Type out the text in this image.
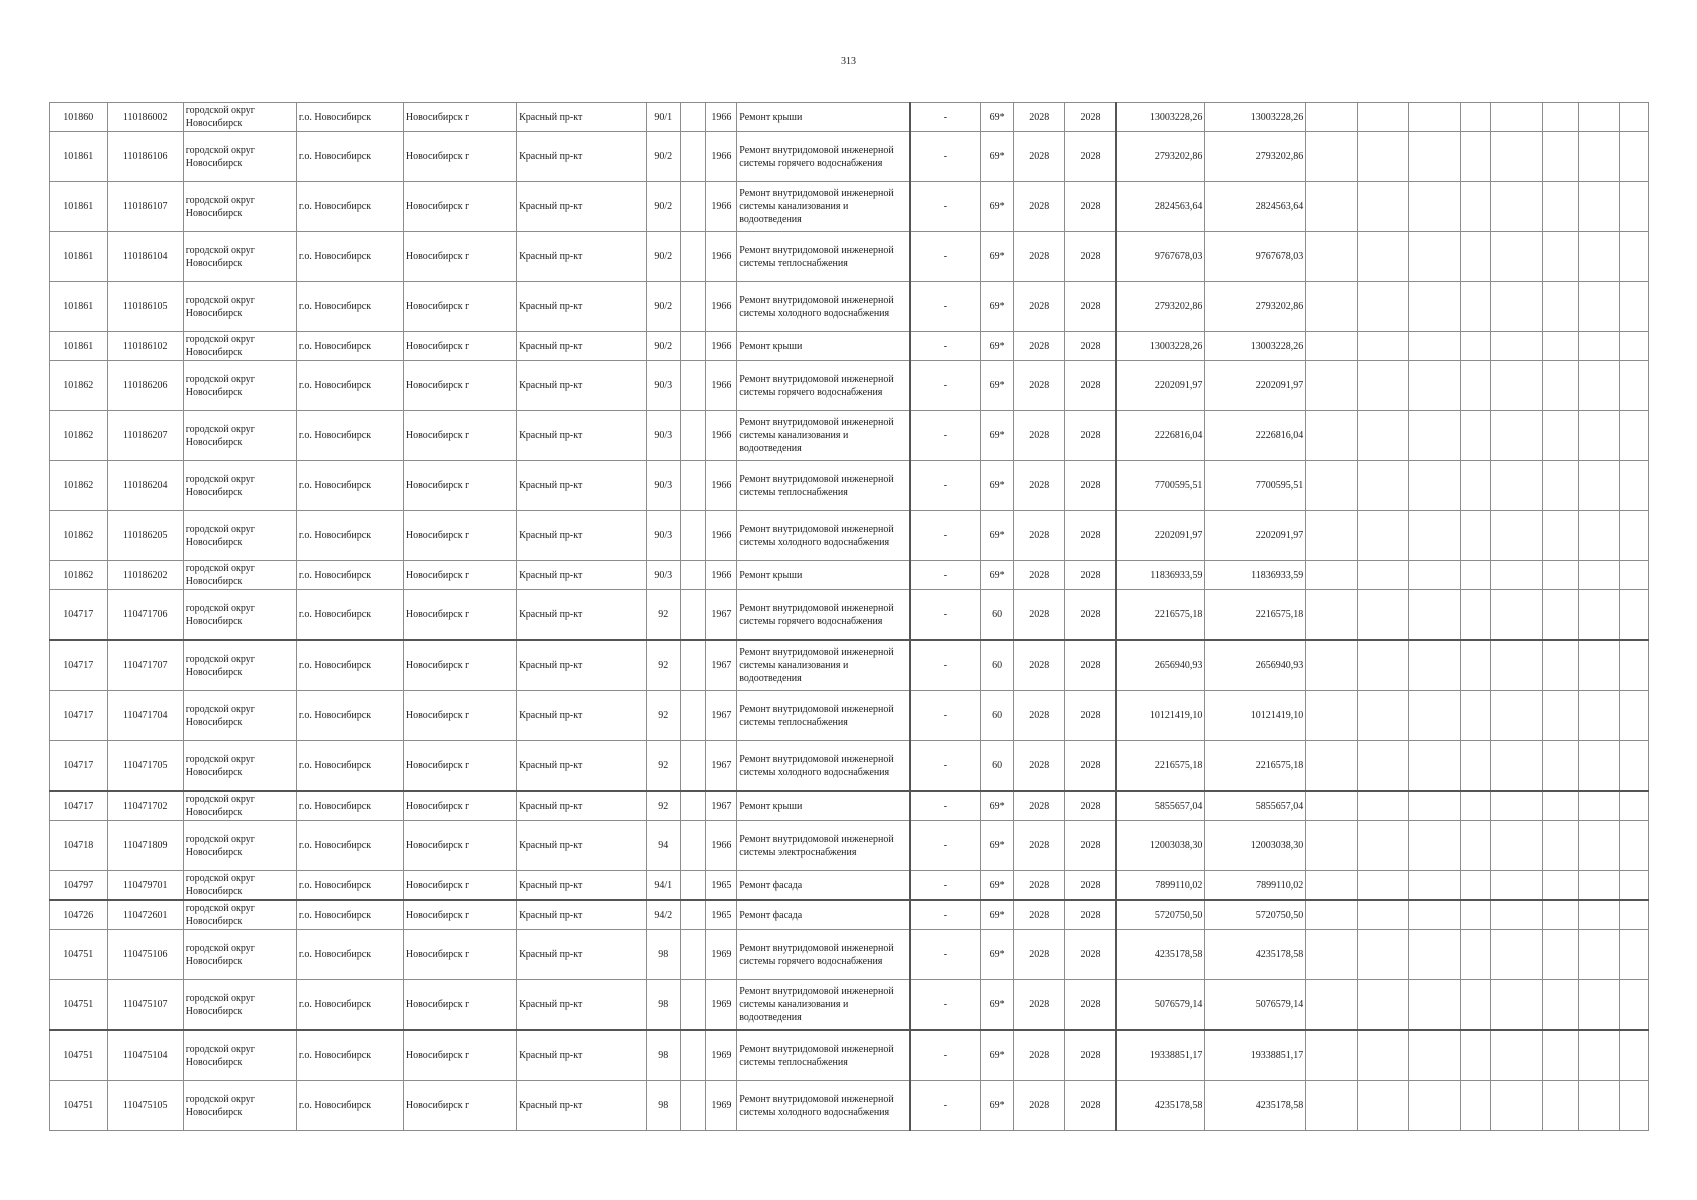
313
101860	110186002	городской округ Новосибирск	г.о. Новосибирск	Новосибирск г	Красный пр-кт	90/1		1966	Ремонт крыши	-	69*	2028	2028	13003228,26	13003228,26								
101861	110186106	городской округ Новосибирск	г.о. Новосибирск	Новосибирск г	Красный пр-кт	90/2		1966	Ремонт внутридомовой инженерной системы горячего водоснабжения	-	69*	2028	2028	2793202,86	2793202,86								
101861	110186107	городской округ Новосибирск	г.о. Новосибирск	Новосибирск г	Красный пр-кт	90/2		1966	Ремонт внутридомовой инженерной системы канализования и водоотведения	-	69*	2028	2028	2824563,64	2824563,64								
101861	110186104	городской округ Новосибирск	г.о. Новосибирск	Новосибирск г	Красный пр-кт	90/2		1966	Ремонт внутридомовой инженерной системы теплоснабжения	-	69*	2028	2028	9767678,03	9767678,03								
101861	110186105	городской округ Новосибирск	г.о. Новосибирск	Новосибирск г	Красный пр-кт	90/2		1966	Ремонт внутридомовой инженерной системы холодного водоснабжения	-	69*	2028	2028	2793202,86	2793202,86								
101861	110186102	городской округ Новосибирск	г.о. Новосибирск	Новосибирск г	Красный пр-кт	90/2		1966	Ремонт крыши	-	69*	2028	2028	13003228,26	13003228,26								
101862	110186206	городской округ Новосибирск	г.о. Новосибирск	Новосибирск г	Красный пр-кт	90/3		1966	Ремонт внутридомовой инженерной системы горячего водоснабжения	-	69*	2028	2028	2202091,97	2202091,97								
101862	110186207	городской округ Новосибирск	г.о. Новосибирск	Новосибирск г	Красный пр-кт	90/3		1966	Ремонт внутридомовой инженерной системы канализования и водоотведения	-	69*	2028	2028	2226816,04	2226816,04								
101862	110186204	городской округ Новосибирск	г.о. Новосибирск	Новосибирск г	Красный пр-кт	90/3		1966	Ремонт внутридомовой инженерной системы теплоснабжения	-	69*	2028	2028	7700595,51	7700595,51								
101862	110186205	городской округ Новосибирск	г.о. Новосибирск	Новосибирск г	Красный пр-кт	90/3		1966	Ремонт внутридомовой инженерной системы холодного водоснабжения	-	69*	2028	2028	2202091,97	2202091,97								
101862	110186202	городской округ Новосибирск	г.о. Новосибирск	Новосибирск г	Красный пр-кт	90/3		1966	Ремонт крыши	-	69*	2028	2028	11836933,59	11836933,59								
104717	110471706	городской округ Новосибирск	г.о. Новосибирск	Новосибирск г	Красный пр-кт	92		1967	Ремонт внутридомовой инженерной системы горячего водоснабжения	-	60	2028	2028	2216575,18	2216575,18								
104717	110471707	городской округ Новосибирск	г.о. Новосибирск	Новосибирск г	Красный пр-кт	92		1967	Ремонт внутридомовой инженерной системы канализования и водоотведения	-	60	2028	2028	2656940,93	2656940,93								
104717	110471704	городской округ Новосибирск	г.о. Новосибирск	Новосибирск г	Красный пр-кт	92		1967	Ремонт внутридомовой инженерной системы теплоснабжения	-	60	2028	2028	10121419,10	10121419,10								
104717	110471705	городской округ Новосибирск	г.о. Новосибирск	Новосибирск г	Красный пр-кт	92		1967	Ремонт внутридомовой инженерной системы холодного водоснабжения	-	60	2028	2028	2216575,18	2216575,18								
104717	110471702	городской округ Новосибирск	г.о. Новосибирск	Новосибирск г	Красный пр-кт	92		1967	Ремонт крыши	-	69*	2028	2028	5855657,04	5855657,04								
104718	110471809	городской округ Новосибирск	г.о. Новосибирск	Новосибирск г	Красный пр-кт	94		1966	Ремонт внутридомовой инженерной системы электроснабжения	-	69*	2028	2028	12003038,30	12003038,30								
104797	110479701	городской округ Новосибирск	г.о. Новосибирск	Новосибирск г	Красный пр-кт	94/1		1965	Ремонт фасада	-	69*	2028	2028	7899110,02	7899110,02								
104726	110472601	городской округ Новосибирск	г.о. Новосибирск	Новосибирск г	Красный пр-кт	94/2		1965	Ремонт фасада	-	69*	2028	2028	5720750,50	5720750,50								
104751	110475106	городской округ Новосибирск	г.о. Новосибирск	Новосибирск г	Красный пр-кт	98		1969	Ремонт внутридомовой инженерной системы горячего водоснабжения	-	69*	2028	2028	4235178,58	4235178,58								
104751	110475107	городской округ Новосибирск	г.о. Новосибирск	Новосибирск г	Красный пр-кт	98		1969	Ремонт внутридомовой инженерной системы канализования и водоотведения	-	69*	2028	2028	5076579,14	5076579,14								
104751	110475104	городской округ Новосибирск	г.о. Новосибирск	Новосибирск г	Красный пр-кт	98		1969	Ремонт внутридомовой инженерной системы теплоснабжения	-	69*	2028	2028	19338851,17	19338851,17								
104751	110475105	городской округ Новосибирск	г.о. Новосибирск	Новосибирск г	Красный пр-кт	98		1969	Ремонт внутридомовой инженерной системы холодного водоснабжения	-	69*	2028	2028	4235178,58	4235178,58								
